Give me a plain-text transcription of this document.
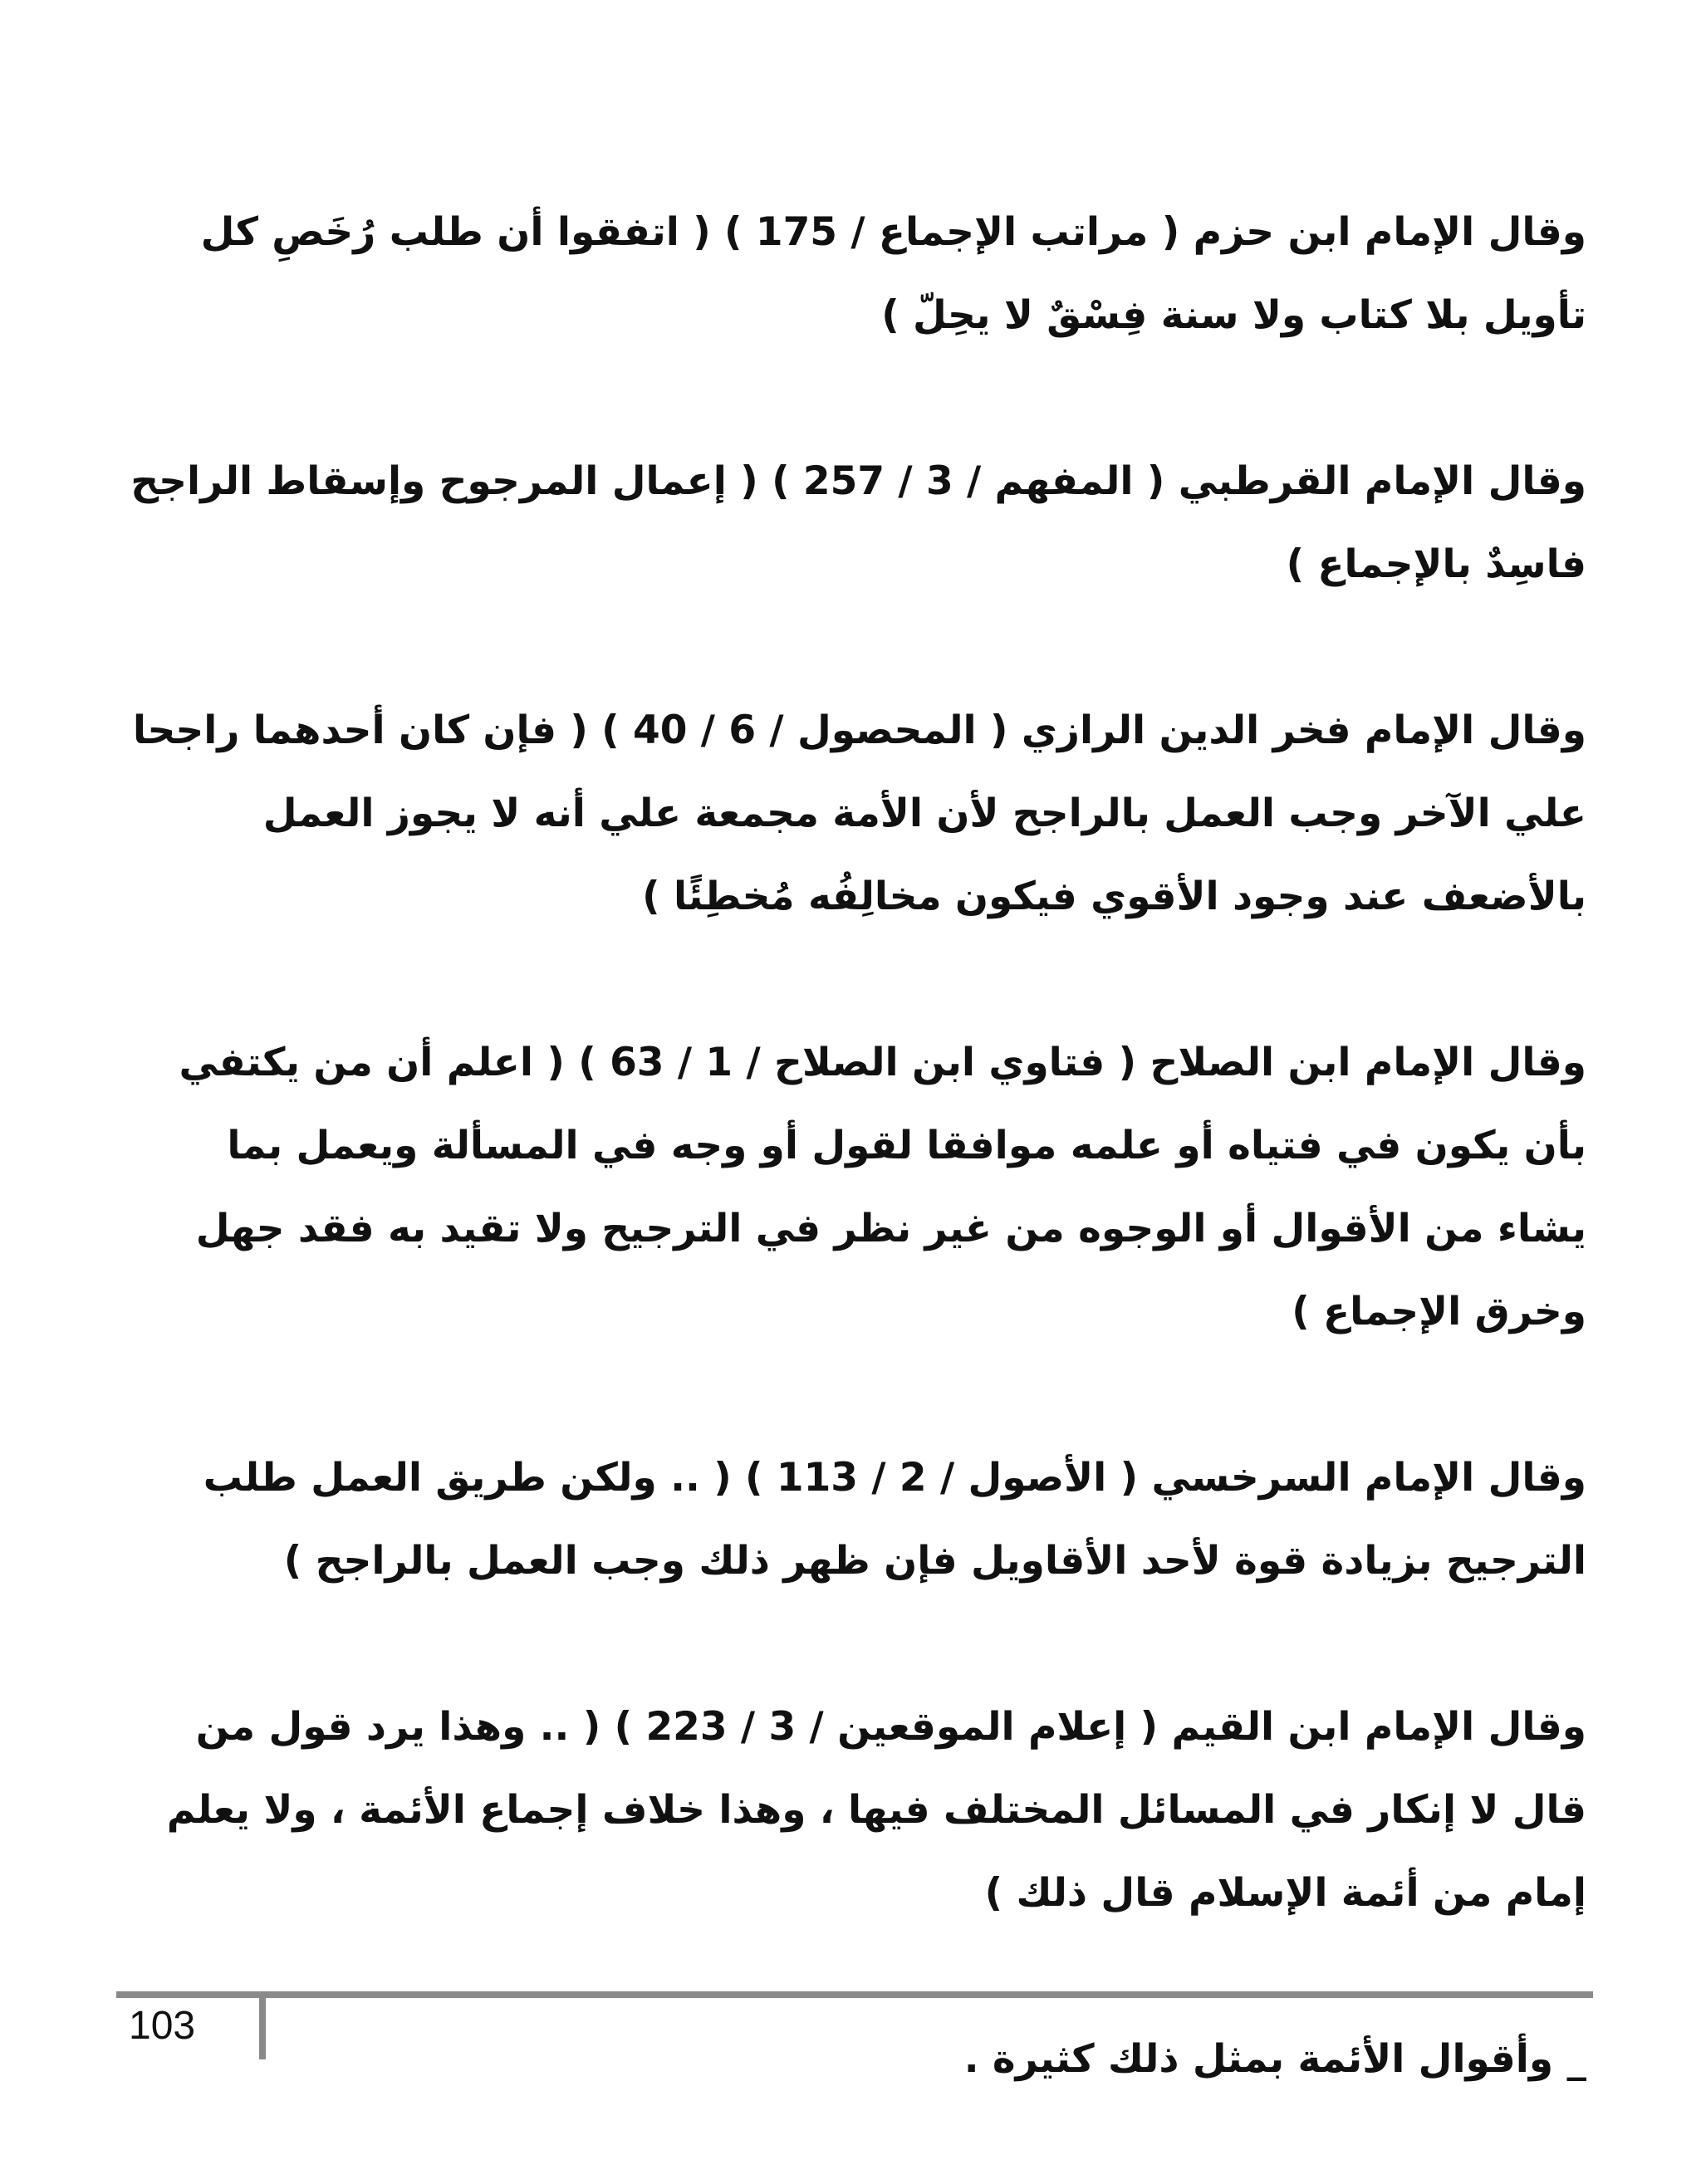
وقال الإمام ابن حزم ( مراتب الإجماع / 175 ) ( اتفقوا أن طلب رُخَصِ كل تأويل بلا كتاب ولا سنة فِسْقٌ لا يحِلّ )

وقال الإمام القرطبي ( المفهم / 3 / 257 ) ( إعمال المرجوح وإسقاط الراجح فاسِدٌ بالإجماع )

وقال الإمام فخر الدين الرازي ( المحصول / 6 / 40 ) ( فإن كان أحدهما راجحا علي الآخر وجب العمل بالراجح لأن الأمة مجمعة علي أنه لا يجوز العمل بالأضعف عند وجود الأقوي فيكون مخالِفُه مُخطِئًا )

وقال الإمام ابن الصلاح ( فتاوي ابن الصلاح / 1 / 63 ) ( اعلم أن من يكتفي بأن يكون في فتياه أو علمه موافقا لقول أو وجه في المسألة ويعمل بما يشاء من الأقوال أو الوجوه من غير نظر في الترجيح ولا تقيد به فقد جهل وخرق الإجماع )

وقال الإمام السرخسي ( الأصول / 2 / 113 ) ( .. ولكن طريق العمل طلب الترجيح بزيادة قوة لأحد الأقاويل فإن ظهر ذلك وجب العمل بالراجح )

وقال الإمام ابن القيم ( إعلام الموقعين / 3 / 223 ) ( .. وهذا يرد قول من قال لا إنكار في المسائل المختلف فيها ، وهذا خلاف إجماع الأئمة ، ولا يعلم إمام من أئمة الإسلام قال ذلك )

_ وأقوال الأئمة بمثل ذلك كثيرة .

103
